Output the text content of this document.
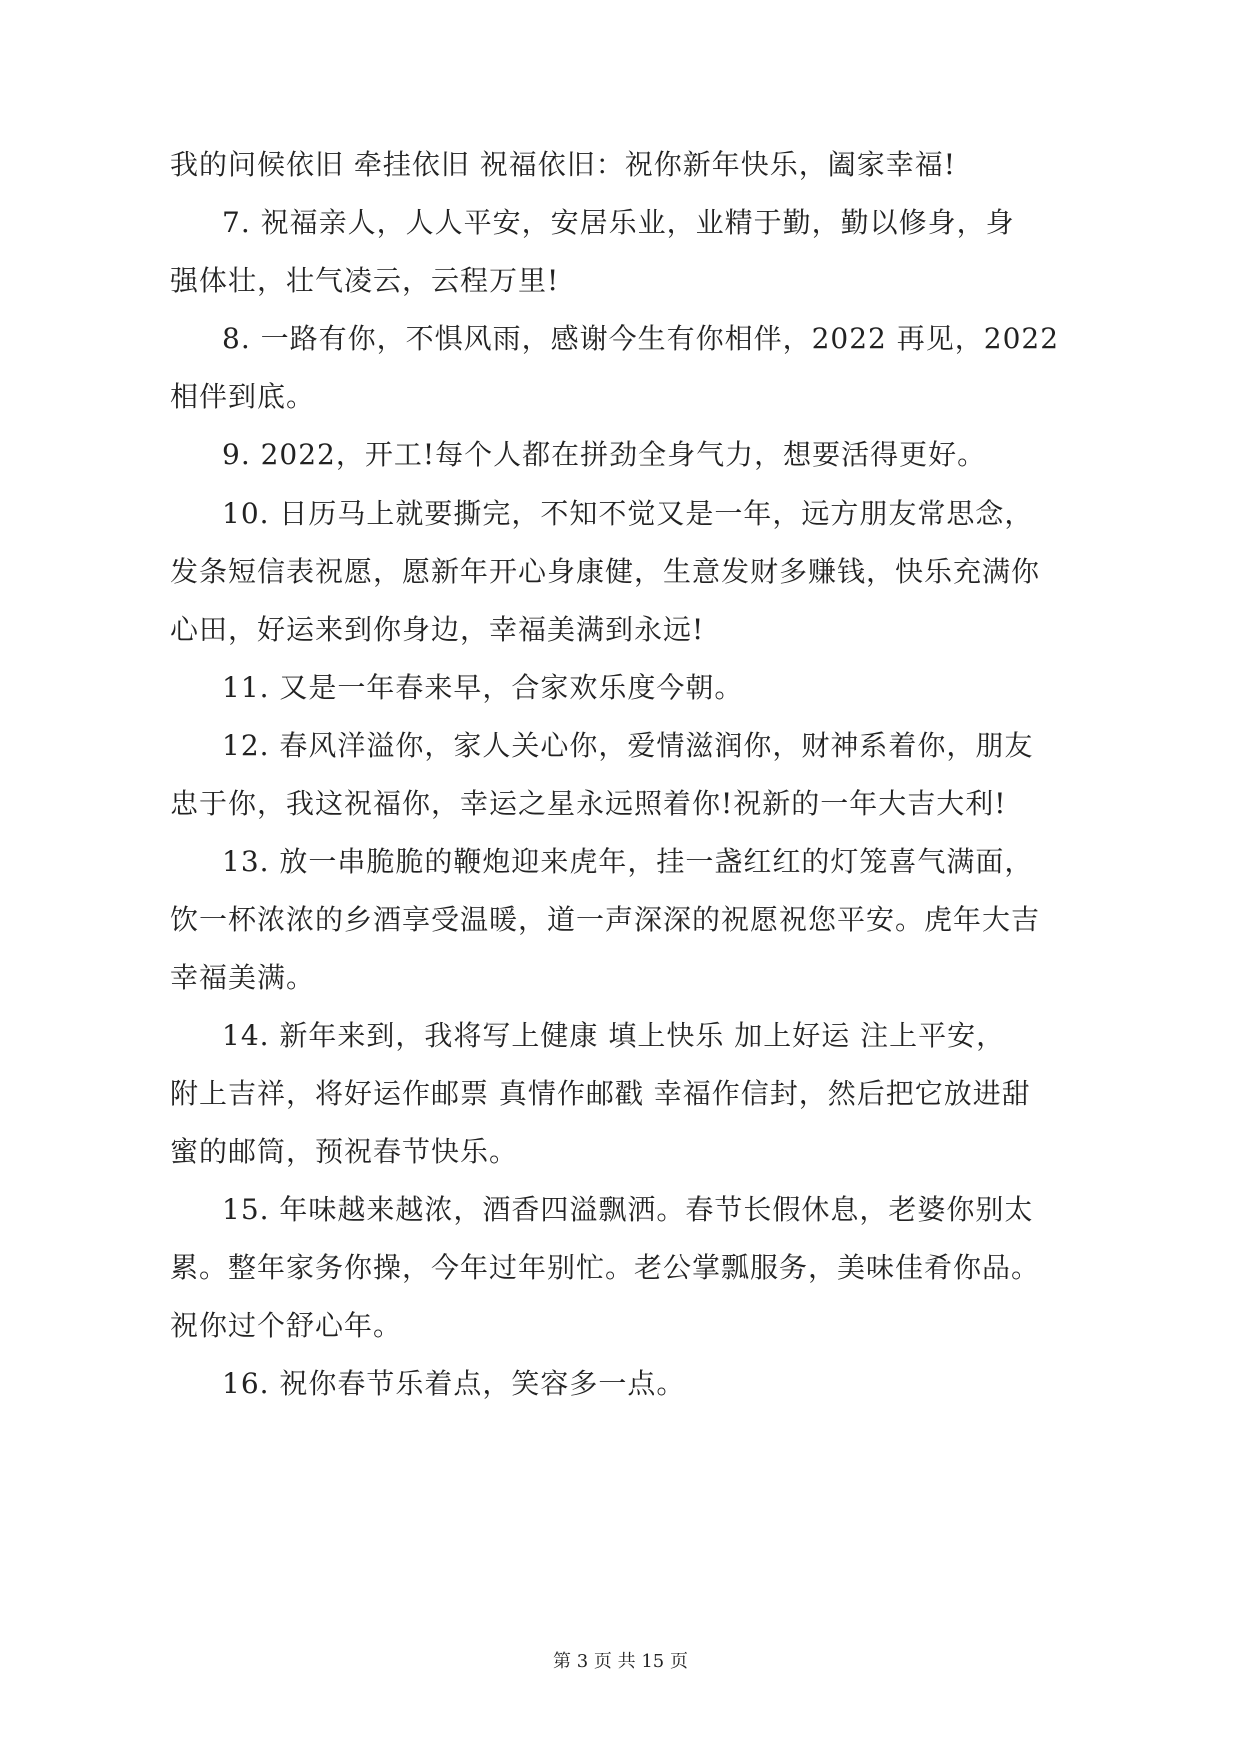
我的问候依旧 牵挂依旧 祝福依旧：祝你新年快乐，阖家幸福!
7. 祝福亲人，人人平安，安居乐业，业精于勤，勤以修身，身
强体壮，壮气凌云，云程万里!
8. 一路有你，不惧风雨，感谢今生有你相伴，2022 再见，2022
相伴到底。
9. 2022，开工!每个人都在拼劲全身气力，想要活得更好。
10. 日历马上就要撕完，不知不觉又是一年，远方朋友常思念，
发条短信表祝愿，愿新年开心身康健，生意发财多赚钱，快乐充满你
心田，好运来到你身边，幸福美满到永远!
11. 又是一年春来早，合家欢乐度今朝。
12. 春风洋溢你，家人关心你，爱情滋润你，财神系着你，朋友
忠于你，我这祝福你，幸运之星永远照着你!祝新的一年大吉大利!
13. 放一串脆脆的鞭炮迎来虎年，挂一盏红红的灯笼喜气满面，
饮一杯浓浓的乡酒享受温暖，道一声深深的祝愿祝您平安。虎年大吉
幸福美满。
14. 新年来到，我将写上健康 填上快乐 加上好运 注上平安，
附上吉祥，将好运作邮票 真情作邮戳 幸福作信封，然后把它放进甜
蜜的邮筒，预祝春节快乐。
15. 年味越来越浓，酒香四溢飘洒。春节长假休息，老婆你别太
累。整年家务你操，今年过年别忙。老公掌瓢服务，美味佳肴你品。
祝你过个舒心年。
16. 祝你春节乐着点，笑容多一点。
第 3 页 共 15 页
